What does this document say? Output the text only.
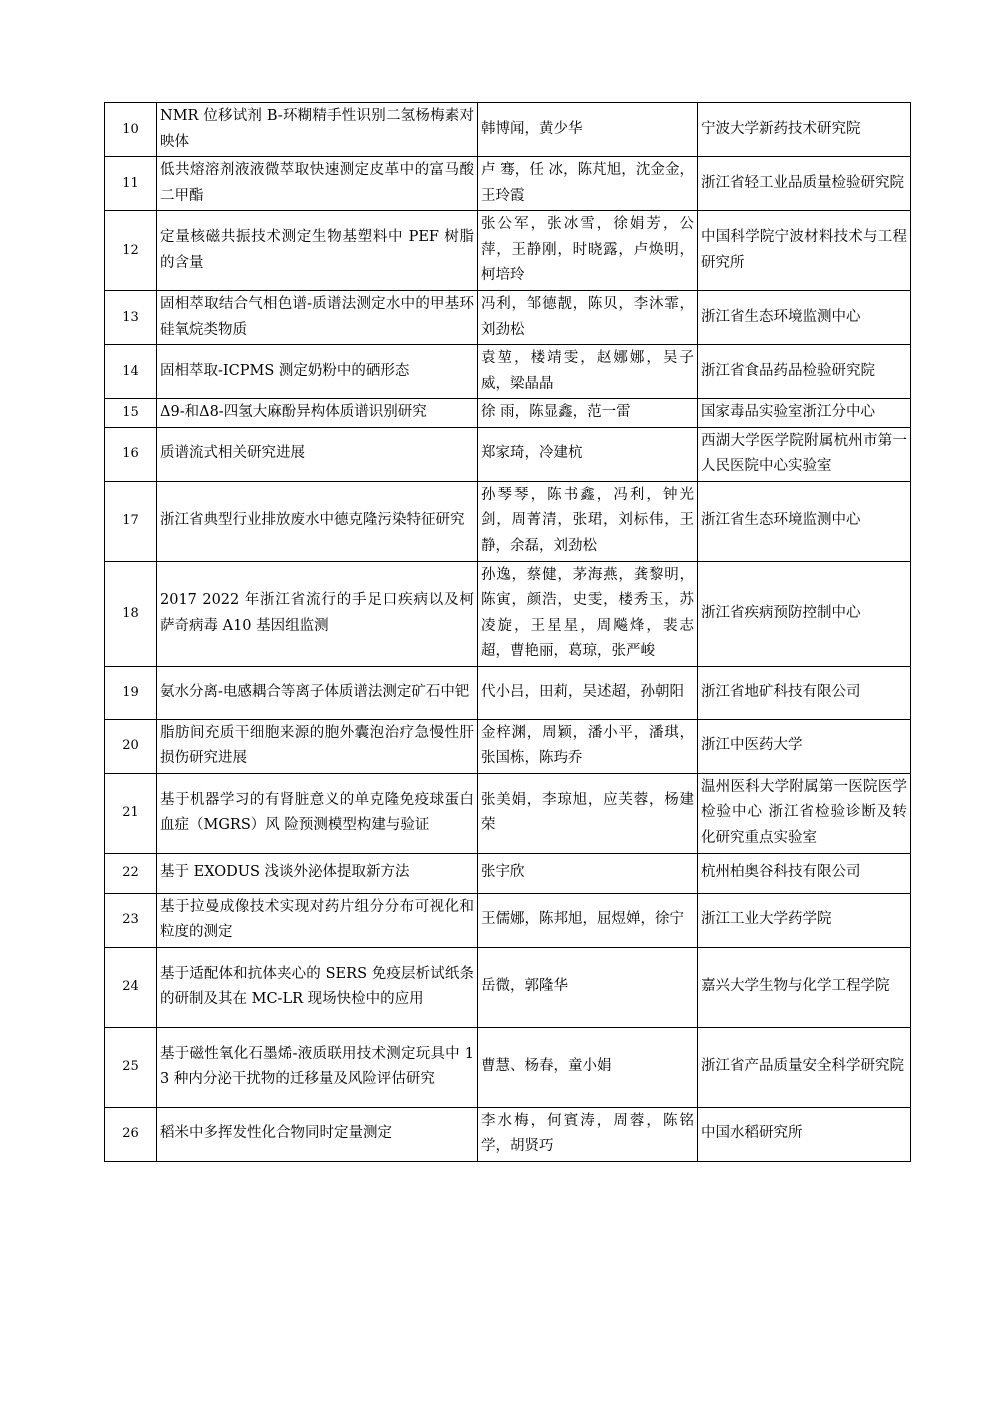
10	NMR 位移试剂 B-环糊精手性识别二氢杨梅素对映体	韩博闻，黄少华	宁波大学新药技术研究院
11	低共熔溶剂液液微萃取快速测定皮革中的富马酸二甲酯	卢 骞，任 冰，陈芃旭，沈金金，王玲霞	浙江省轻工业品质量检验研究院
12	定量核磁共振技术测定生物基塑料中 PEF 树脂的含量	张公军，张冰雪，徐娟芳，公萍，王静刚，时晓露，卢焕明，柯培玲	中国科学院宁波材料技术与工程研究所
13	固相萃取结合气相色谱-质谱法测定水中的甲基环硅氧烷类物质	冯利，邹德靓，陈贝，李沐霏，刘劲松	浙江省生态环境监测中心
14	固相萃取-ICPMS 测定奶粉中的硒形态	袁堃，楼靖雯，赵娜娜，吴子威，梁晶晶	浙江省食品药品检验研究院
15	Δ9-和Δ8-四氢大麻酚异构体质谱识别研究	徐 雨，陈显鑫，范一雷	国家毒品实验室浙江分中心
16	质谱流式相关研究进展	郑家琦，冷建杭	西湖大学医学院附属杭州市第一人民医院中心实验室
17	浙江省典型行业排放废水中德克隆污染特征研究	孙琴琴，陈书鑫，冯利，钟光剑，周菁清，张珺，刘标伟，王静，余磊，刘劲松	浙江省生态环境监测中心
18	2017 2022 年浙江省流行的手足口疾病以及柯萨奇病毒 A10 基因组监测	孙逸，蔡健，茅海燕，龚黎明，陈寅，颜浩，史雯，楼秀玉，苏凌旋，王星星，周飚烽，裴志超，曹艳丽，葛琼，张严峻	浙江省疾病预防控制中心
19	氨水分离-电感耦合等离子体质谱法测定矿石中钯	代小吕，田莉，吴述超，孙朝阳	浙江省地矿科技有限公司
20	脂肪间充质干细胞来源的胞外囊泡治疗急慢性肝损伤研究进展	金梓渊，周颖，潘小平，潘琪，张国栋，陈玙乔	浙江中医药大学
21	基于机器学习的有肾脏意义的单克隆免疫球蛋白血症（MGRS）风 险预测模型构建与验证	张美娟，李琼旭，应芙蓉，杨建荣	温州医科大学附属第一医院医学检验中心 浙江省检验诊断及转化研究重点实验室
22	基于 EXODUS 浅谈外泌体提取新方法	张宇欣	杭州柏奥谷科技有限公司
23	基于拉曼成像技术实现对药片组分分布可视化和粒度的测定	王儒娜，陈邦旭，屈煜婵，徐宁	浙江工业大学药学院
24	基于适配体和抗体夹心的 SERS 免疫层析试纸条的研制及其在 MC-LR 现场快检中的应用	岳微，郭隆华	嘉兴大学生物与化学工程学院
25	基于磁性氧化石墨烯-液质联用技术测定玩具中 13 种内分泌干扰物的迁移量及风险评估研究	曹慧、杨春，童小娟	浙江省产品质量安全科学研究院
26	稻米中多挥发性化合物同时定量测定	李水梅，何賓涛，周蓉，陈铭学，胡贤巧	中国水稻研究所
